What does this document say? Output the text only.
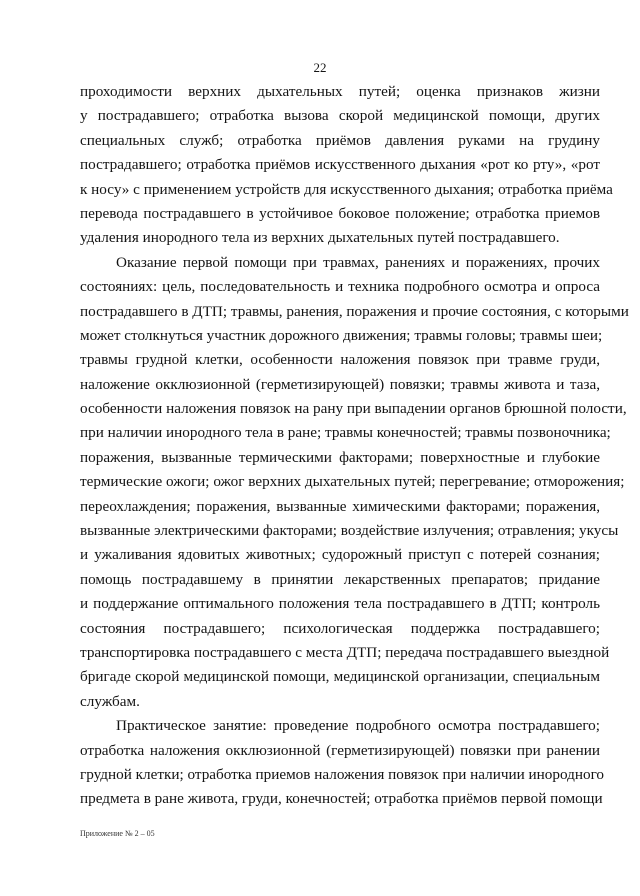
22
проходимости верхних дыхательных путей; оценка признаков жизни
у пострадавшего; отработка вызова скорой медицинской помощи, других
специальных служб; отработка приёмов давления руками на грудину
пострадавшего; отработка приёмов искусственного дыхания «рот ко рту», «рот
к носу» с применением устройств для искусственного дыхания; отработка приёма
перевода пострадавшего в устойчивое боковое положение; отработка приемов
удаления инородного тела из верхних дыхательных путей пострадавшего.
Оказание первой помощи при травмах, ранениях и поражениях, прочих
состояниях: цель, последовательность и техника подробного осмотра и опроса
пострадавшего в ДТП; травмы, ранения, поражения и прочие состояния, с которыми
может столкнуться участник дорожного движения; травмы головы; травмы шеи;
травмы грудной клетки, особенности наложения повязок при травме груди,
наложение окклюзионной (герметизирующей) повязки; травмы живота и таза,
особенности наложения повязок на рану при выпадении органов брюшной полости,
при наличии инородного тела в ране; травмы конечностей; травмы позвоночника;
поражения, вызванные термическими факторами; поверхностные и глубокие
термические ожоги; ожог верхних дыхательных путей; перегревание; отморожения;
переохлаждения; поражения, вызванные химическими факторами; поражения,
вызванные электрическими факторами; воздействие излучения; отравления; укусы
и ужаливания ядовитых животных; судорожный приступ с потерей сознания;
помощь пострадавшему в принятии лекарственных препаратов; придание
и поддержание оптимального положения тела пострадавшего в ДТП; контроль
состояния пострадавшего; психологическая поддержка пострадавшего;
транспортировка пострадавшего с места ДТП; передача пострадавшего выездной
бригаде скорой медицинской помощи, медицинской организации, специальным
службам.
Практическое занятие: проведение подробного осмотра пострадавшего;
отработка наложения окклюзионной (герметизирующей) повязки при ранении
грудной клетки; отработка приемов наложения повязок при наличии инородного
предмета в ране живота, груди, конечностей; отработка приёмов первой помощи
Приложение № 2 – 05
